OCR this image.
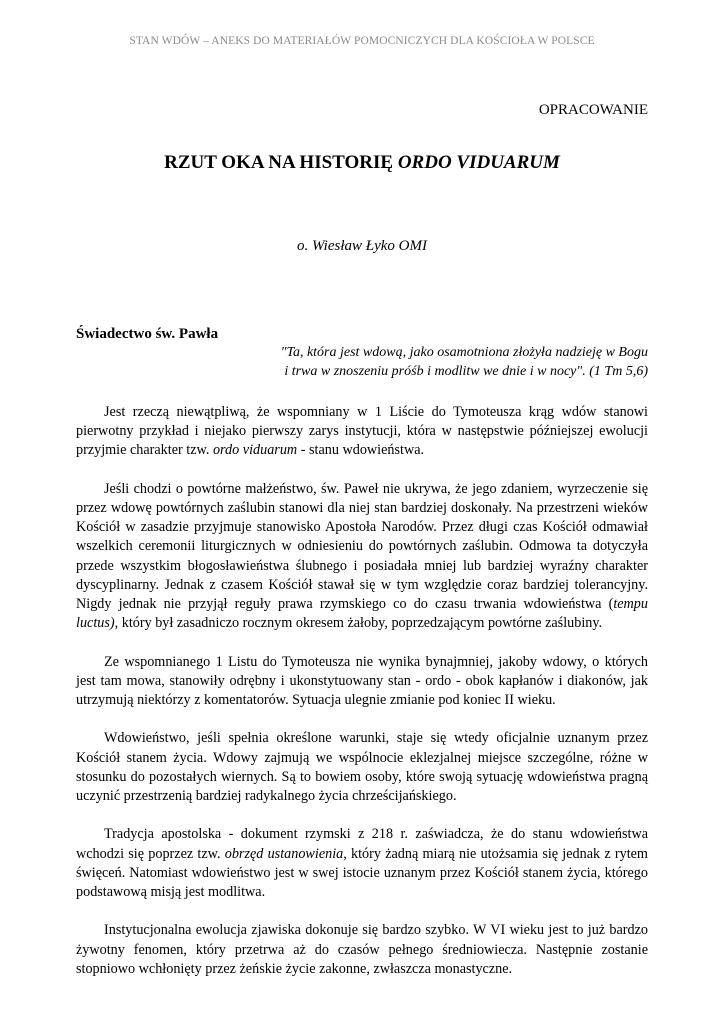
STAN WDÓW – ANEKS DO MATERIAŁÓW POMOCNICZYCH DLA KOŚCIOŁA W POLSCE
OPRACOWANIE
RZUT OKA NA HISTORIĘ ORDO VIDUARUM
o. Wiesław Łyko OMI
Świadectwo św. Pawła
"Ta, która jest wdową, jako osamotniona złożyła nadzieję w Bogu
i trwa w znoszeniu próśb i modlitw we dnie i w nocy". (1 Tm 5,6)

Jest rzeczą niewątpliwą, że wspomniany w 1 Liście do Tymoteusza krąg wdów stanowi pierwotny przykład i niejako pierwszy zarys instytucji, która w następstwie późniejszej ewolucji przyjmie charakter tzw. ordo viduarum - stanu wdowieństwa.

Jeśli chodzi o powtórne małżeństwo, św. Paweł nie ukrywa, że jego zdaniem, wyrzeczenie się przez wdowę powtórnych zaślubin stanowi dla niej stan bardziej doskonały. Na przestrzeni wieków Kościół w zasadzie przyjmuje stanowisko Apostoła Narodów. Przez długi czas Kościół odmawiał wszelkich ceremonii liturgicznych w odniesieniu do powtórnych zaślubin. Odmowa ta dotyczyła przede wszystkim błogosławieństwa ślubnego i posiadała mniej lub bardziej wyraźny charakter dyscyplinarny. Jednak z czasem Kościół stawał się w tym względzie coraz bardziej tolerancyjny. Nigdy jednak nie przyjął reguły prawa rzymskiego co do czasu trwania wdowieństwa (tempu luctus), który był zasadniczo rocznym okresem żałoby, poprzedzającym powtórne zaślubiny.

Ze wspomnianego 1 Listu do Tymoteusza nie wynika bynajmniej, jakoby wdowy, o których jest tam mowa, stanowiły odrębny i ukonstytuowany stan - ordo - obok kapłanów i diakonów, jak utrzymują niektórzy z komentatorów. Sytuacja ulegnie zmianie pod koniec II wieku.

Wdowieństwo, jeśli spełnia określone warunki, staje się wtedy oficjalnie uznanym przez Kościół stanem życia. Wdowy zajmują we wspólnocie eklezjalnej miejsce szczególne, różne w stosunku do pozostałych wiernych. Są to bowiem osoby, które swoją sytuację wdowieństwa pragną uczynić przestrzenią bardziej radykalnego życia chrześcijańskiego.

Tradycja apostolska - dokument rzymski z 218 r. zaświadcza, że do stanu wdowieństwa wchodzi się poprzez tzw. obrzęd ustanowienia, który żadną miarą nie utożsamia się jednak z rytem święceń. Natomiast wdowieństwo jest w swej istocie uznanym przez Kościół stanem życia, którego podstawową misją jest modlitwa.

Instytucjonalna ewolucja zjawiska dokonuje się bardzo szybko. W VI wieku jest to już bardzo żywotny fenomen, który przetrwa aż do czasów pełnego średniowiecza. Następnie zostanie stopniowo wchłonięty przez żeńskie życie zakonne, zwłaszcza monastyczne.
